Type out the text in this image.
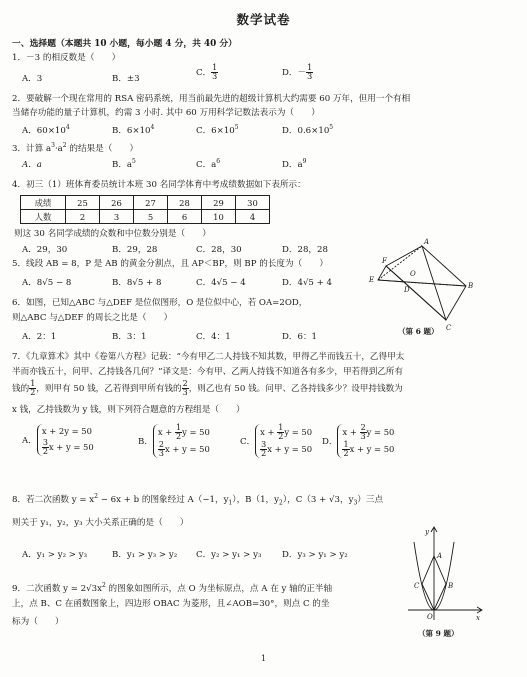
数学试卷
一、选择题（本题共 10 小题，每小题 4 分，共 40 分）
1．－3 的相反数是（　　）
A．3	B．±3
C． $\frac{1}{3}$	D．－ $\frac{1}{3}$
2．要破解一个现在常用的 RSA 密码系统，用当前最先进的超级计算机大约需要 60 万年，但用一个有相
当储存功能的量子计算机，约需 3 小时. 其中 60 万用科学记数法表示为（　　）
A．$60\times 10^4$	B．$6\times 10^4$	C．$6\times 10^5$	D．$0.6\times 10^5$
3．计算 $a^3\cdot a^2$ 的结果是（　　）
A．a	B．$a^5$	C．$a^6$	D．$a^9$
4．初三（1）班体育委员统计本班 30 名同学体育中考成绩数据如下表所示：
成绩	25	26	27	28	29	30
人数	2	3	5	6	10	4
则这 30 名同学成绩的众数和中位数分别是（　　）
A．29，30	B．29，28	C．28，30	D．28，28
5．线段 AB = 8，P 是 AB 的黄金分割点，且 AP＜BP，则 BP 的长度为（　　）
A．8√5 − 8	B．8√5 + 8	C．4√5 − 4	D．4√5 + 4
6．如图，已知△ABC 与△DEF 是位似图形，O 是位似中心，若 OA=2OD，
则△ABC 与△DEF 的周长之比是（　　）
A．2：1	B．3：1	C．4：1	D．6：1
A
B
C
D
E
F
O
（第 6 题）
7．《九章算术》其中《卷第八方程》记载：“今有甲乙二人持钱不知其数，甲得乙半而钱五十，乙得甲太
半而亦钱五十，问甲、乙持钱各几何？”译文是：今有甲、乙两人持钱不知道各有多少，甲若得到乙所有
钱的 $\frac{1}{2}$ ，则甲有 50 钱，乙若得到甲所有钱的 $\frac{2}{3}$ ，则乙也有 50 钱。问甲、乙各持钱多少？设甲持钱数为
x 钱，乙持钱数为 y 钱，则下列符合题意的方程组是（　　）
A．
x + 2y = 50
$\frac{3}{2}$ x + y = 50	B．
$x + \frac{1}{2}$ y = 50
$\frac{2}{3}$ x + y = 50
C．
$x + \frac{1}{2}$ y = 50
$\frac{3}{2}$ x + y = 50
D．
$x + \frac{2}{3}$ y = 50
$\frac{1}{2}$ x + y = 50
8．若二次函数 $y = x^2 - 6x + b$ 的图象经过 A（−1，$y_1$），B（1，$y_2$），C（3 + √3，$y_3$）三点
则关于 y₁，y₂，y₃ 大小关系正确的是（　　）
A．y₁ > y₂ > y₃	B．y₁ > y₃ > y₂ C．y₂ > y₁ > y₃ D．y₃ > y₁ > y₂
9．二次函数 $y = 2√3x^2$ 的图象如图所示，点 O 为坐标原点，点 A 在 y 轴的正半轴
上，点 B、C 在函数图象上，四边形 OBAC 为菱形，且∠AOB=30°，则点 C 的坐
标为（　　）
y
x
A
B
C
O
（第 9 题）
1
